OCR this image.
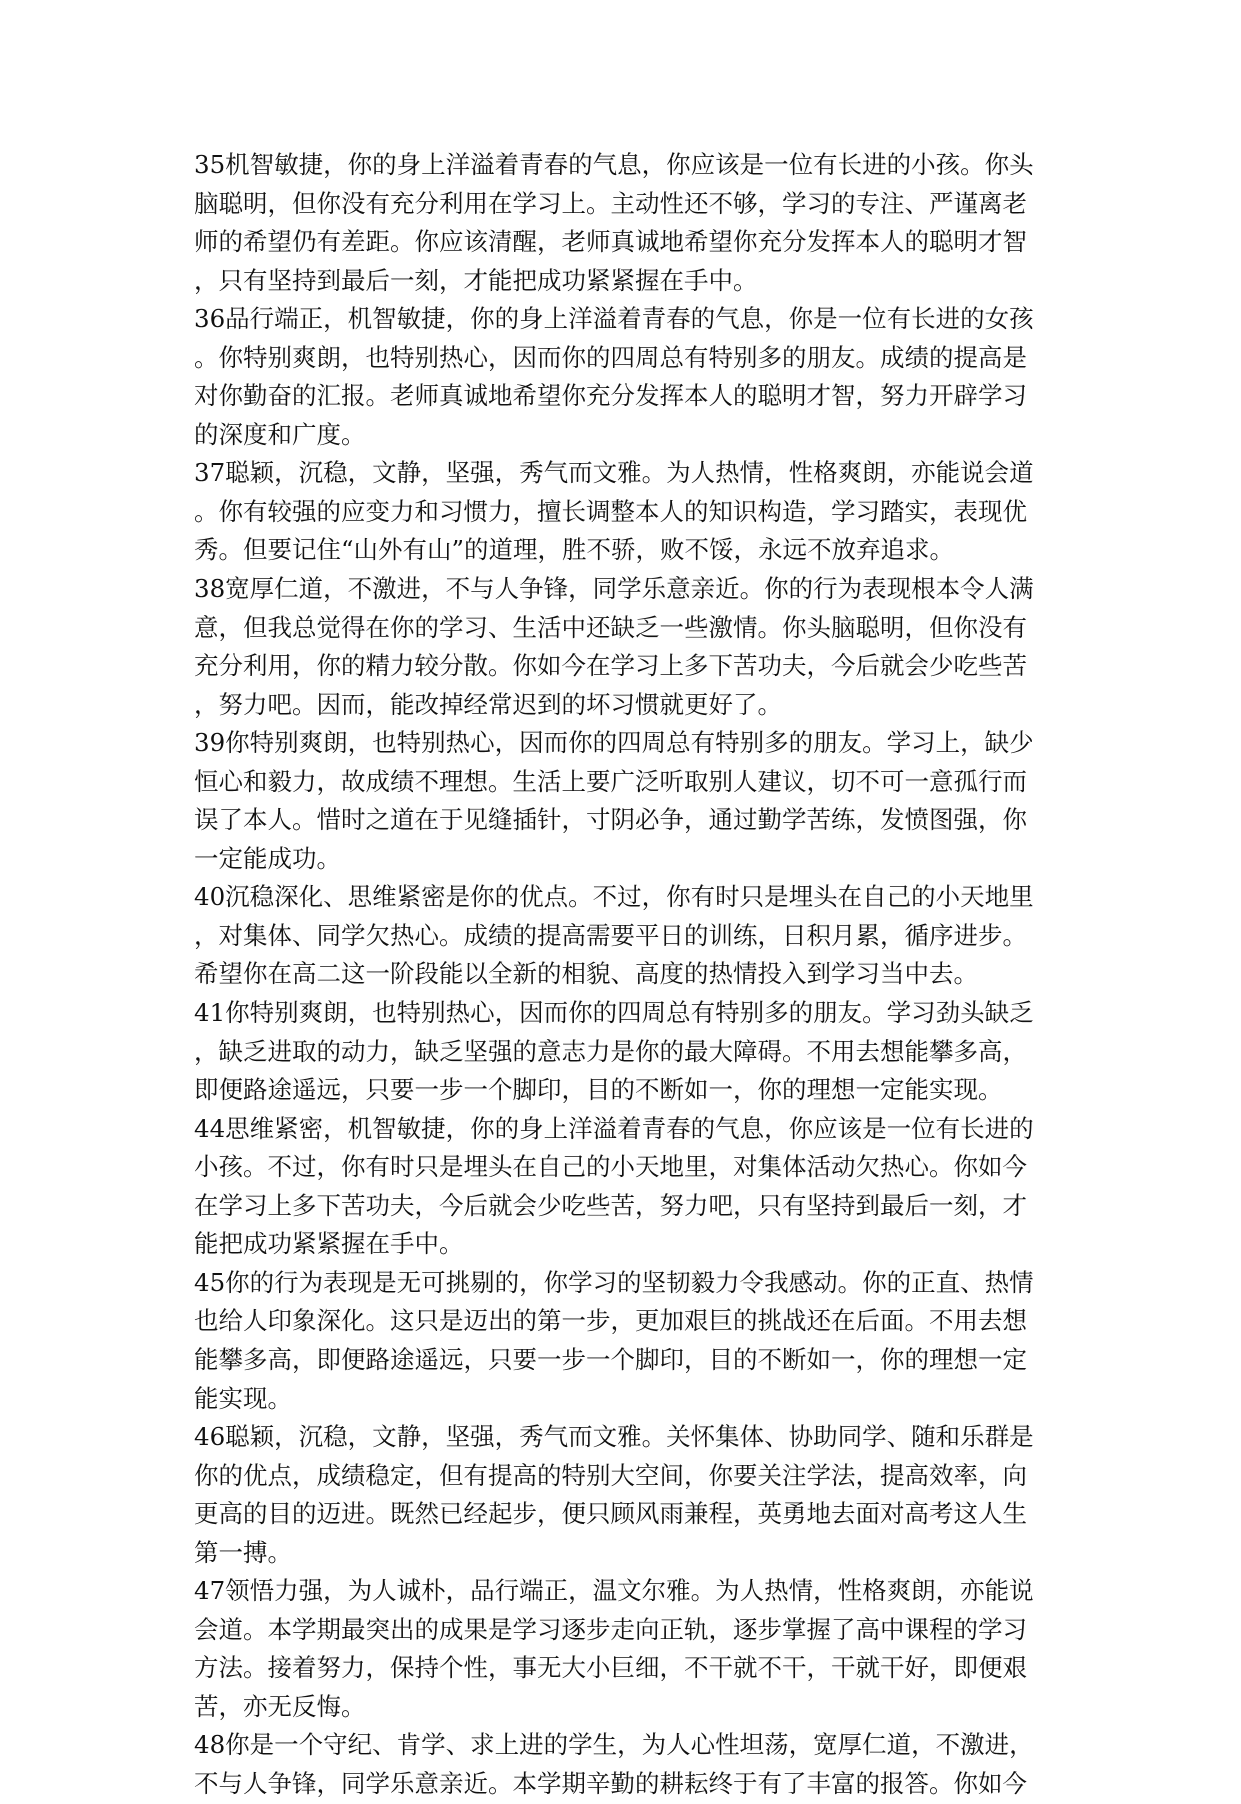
35机智敏捷，你的身上洋溢着青春的气息，你应该是一位有长进的小孩。你头
脑聪明，但你没有充分利用在学习上。主动性还不够，学习的专注、严谨离老
师的希望仍有差距。你应该清醒，老师真诚地希望你充分发挥本人的聪明才智
，只有坚持到最后一刻，才能把成功紧紧握在手中。
36品行端正，机智敏捷，你的身上洋溢着青春的气息，你是一位有长进的女孩
。你特别爽朗，也特别热心，因而你的四周总有特别多的朋友。成绩的提高是
对你勤奋的汇报。老师真诚地希望你充分发挥本人的聪明才智，努力开辟学习
的深度和广度。
37聪颖，沉稳，文静，坚强，秀气而文雅。为人热情，性格爽朗，亦能说会道
。你有较强的应变力和习惯力，擅长调整本人的知识构造，学习踏实，表现优
秀。但要记住“山外有山”的道理，胜不骄，败不馁，永远不放弃追求。
38宽厚仁道，不激进，不与人争锋，同学乐意亲近。你的行为表现根本令人满
意，但我总觉得在你的学习、生活中还缺乏一些激情。你头脑聪明，但你没有
充分利用，你的精力较分散。你如今在学习上多下苦功夫，今后就会少吃些苦
，努力吧。因而，能改掉经常迟到的坏习惯就更好了。
39你特别爽朗，也特别热心，因而你的四周总有特别多的朋友。学习上，缺少
恒心和毅力，故成绩不理想。生活上要广泛听取别人建议，切不可一意孤行而
误了本人。惜时之道在于见缝插针，寸阴必争，通过勤学苦练，发愤图强，你
一定能成功。
40沉稳深化、思维紧密是你的优点。不过，你有时只是埋头在自己的小天地里
，对集体、同学欠热心。成绩的提高需要平日的训练，日积月累，循序进步。
希望你在高二这一阶段能以全新的相貌、高度的热情投入到学习当中去。
41你特别爽朗，也特别热心，因而你的四周总有特别多的朋友。学习劲头缺乏
，缺乏进取的动力，缺乏坚强的意志力是你的最大障碍。不用去想能攀多高，
即便路途遥远，只要一步一个脚印，目的不断如一，你的理想一定能实现。
44思维紧密，机智敏捷，你的身上洋溢着青春的气息，你应该是一位有长进的
小孩。不过，你有时只是埋头在自己的小天地里，对集体活动欠热心。你如今
在学习上多下苦功夫，今后就会少吃些苦，努力吧，只有坚持到最后一刻，才
能把成功紧紧握在手中。
45你的行为表现是无可挑剔的，你学习的坚韧毅力令我感动。你的正直、热情
也给人印象深化。这只是迈出的第一步，更加艰巨的挑战还在后面。不用去想
能攀多高，即便路途遥远，只要一步一个脚印，目的不断如一，你的理想一定
能实现。
46聪颖，沉稳，文静，坚强，秀气而文雅。关怀集体、协助同学、随和乐群是
你的优点，成绩稳定，但有提高的特别大空间，你要关注学法，提高效率，向
更高的目的迈进。既然已经起步，便只顾风雨兼程，英勇地去面对高考这人生
第一搏。
47领悟力强，为人诚朴，品行端正，温文尔雅。为人热情，性格爽朗，亦能说
会道。本学期最突出的成果是学习逐步走向正轨，逐步掌握了高中课程的学习
方法。接着努力，保持个性，事无大小巨细，不干就不干，干就干好，即便艰
苦，亦无反悔。
48你是一个守纪、肯学、求上进的学生，为人心性坦荡，宽厚仁道，不激进，
不与人争锋，同学乐意亲近。本学期辛勤的耕耘终于有了丰富的报答。你如今
